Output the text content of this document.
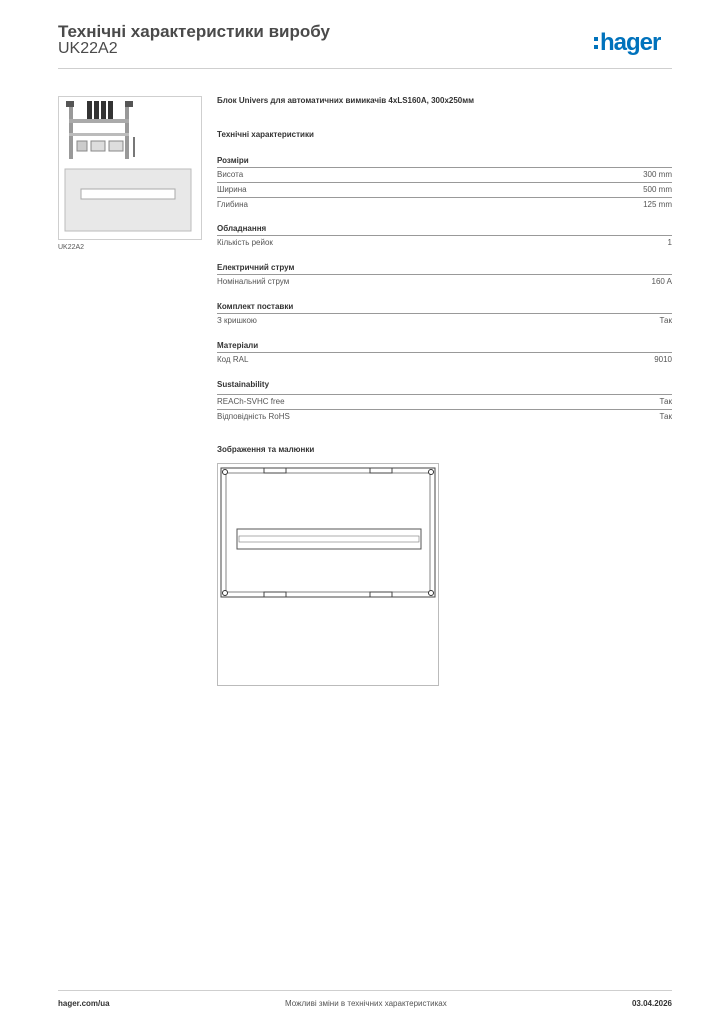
Технічні характеристики виробу
UK22A2	hager
UK22A2
Блок Univers для автоматичних вимикачів 4xLS160A, 300x250мм
Технічні характеристики
Розміри
Висота	300 mm
Ширина	500 mm
Глибина	125 mm
Обладнання
Кількість рейок	1
Електричний струм
Номінальний струм	160 A
Комплект поставки
З кришкою	Так
Матеріали
Код RAL	9010
Sustainability
REACh-SVHC free	Так
Відповідність RoHS	Так
Зображення та малюнки
hager.com/ua	Можливі зміни в технічних характеристиках	03.04.2026
